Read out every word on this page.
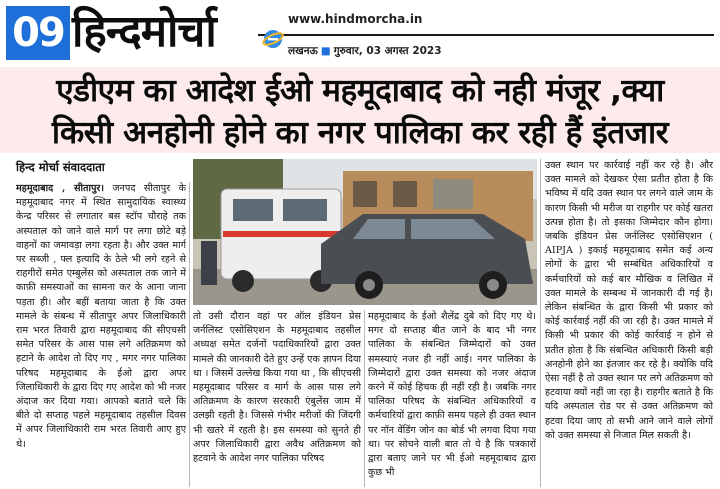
09 हिन्दमोर्चा	www.hindmorcha.in
लखनऊ ■ गुरुवार, 03 अगस्त 2023
एडीएम का आदेश ईओ महमूदाबाद को नही मंजूर ,क्या
किसी अनहोनी होने का नगर पालिका कर रही हैं इंतजार
हिन्द मोर्चा संवाददाता
महमूदाबाद , सीतापुर। जनपद सीतापुर के महमूदाबाद नगर में स्थित सामुदायिक स्वास्थ्य केन्द्र परिसर से लगातार बस स्टॉप चौराहे तक अस्पताल को जाने वाले मार्ग पर लगा छोटे बड़े वाहनों का जमावड़ा लगा रहता है। और उक्त मार्ग पर सब्जी , फ्ल इत्यादि के ठेले भी लगे रहने से राहगीरों समेत एम्बुलेंस को अस्पताल तक जाने में काफ़ी समस्याओं का सामना कर के आना जाना पड़ता ही। और बहीं बताया जाता है कि उक्त मामले के संबन्ध में सीतापुर अपर जिलाधिकारी राम भरत तिवारी द्वारा महमूदाबाद की सीएचसी समेत परिसर के आस पास लगे अतिक्रमण को हटाने के आदेश तो दिए गए , मगर नगर पालिका परिषद महमूदाबाद के ईओ द्वारा अपर जिलाधिकारी के द्वारा दिए गए आदेश को भी नजर अंदाज कर दिया गया। आपको बताते चले कि बीते दो सप्ताह पहले महमूदाबाद तहसील दिवस में अपर जिलाधिकारी राम भरत तिवारी आए हुए थे।
तो उसी दौरान वहां पर ऑल इंडियन प्रेस जर्नलिस्ट एसोसिएशन के महमूदाबाद तहसील अध्यक्ष समेत दर्जनों पदाधिकारियों द्वारा उक्त मामले की जानकारी देते हुए उन्हें एक ज्ञापन दिया था । जिसमें उल्लेख किया गया था , कि सीएचसी महमूदाबाद परिसर व मार्ग के आस पास लगे अतिक्रमण के कारण सरकारी एंबुलेंस जाम में उलझी रहती है। जिससे गंभीर मरीजों की जिंदगी भी खतरे में रहती है। इस समस्या को सुनते ही अपर जिलाधिकारी द्वारा अवैध अतिक्रमण को हटवाने के आदेश नगर पालिका परिषद
महमूदाबाद के ईओ शैलेंद्र दुबे को दिए गए थे। मगर दो सप्ताह बीत जाने के बाद भी नगर पालिका के संबन्धित जिम्मेदारों को उक्त समस्याएं नजर ही नहीं आई। नगर पालिका के जिम्मेदारों द्वारा उक्त समस्या को नजर अंदाज करने में कोई हिचक ही नहीं रही है। जबकि नगर पालिका परिषद के संबन्धित अधिकारियों व कर्मचारियों द्वारा काफ़ी समय पहले ही उक्त स्थान पर नॉन वेंडिंग जोन का बोर्ड भी लगवा दिया गया था। पर सोचने वाली बात तो ये है कि पत्रकारों द्वारा बताए जाने पर भी ईओ महमूदाबाद द्वारा कुछ भी
उक्त स्थान पर कार्रवाई नहीं कर रहे है। और उक्त मामले को देखकर ऐसा प्रतीत होता है कि भविष्य में यदि उक्त स्थान पर लगने वाले जाम के कारण किसी भी मरीज या राहगीर पर कोई खतरा उत्पन्न होता है। तो इसका जिम्मेदार कौन होगा। जबकि इंडियन प्रेस जर्नलिस्ट एसोसिएशन ( AIPJA ) इकाई महमूदाबाद समेत कई अन्य लोगों के द्वारा भी सम्बंधित अधिकारियों व कर्मचारियों को कई बार मौखिक व लिखित में उक्त मामले के सम्बन्ध में जानकारी दी गई है। लेकिन संबन्धित के द्वारा किसी भी प्रकार को कोई कार्रवाई नहीं की जा रही है। उक्त मामले में किसी भी प्रकार की कोई कार्रवाई न होने से प्रतीत होता है कि संबन्धित अधिकारी किसी बड़ी अनहोनी होने का इंतजार कर रहे है। क्योंकि यदि ऐसा नहीं है तो उक्त स्थान पर लगे अतिक्रमण को हटवाया क्यों नहीं जा रहा है। राहगीर बताते है कि यदि अस्पताल रोड पर से उक्त अतिक्रमण को हटवा दिया जाए तो सभी आने जाने वाले लोगों को उक्त समस्या से निजात मिल सकती है।
